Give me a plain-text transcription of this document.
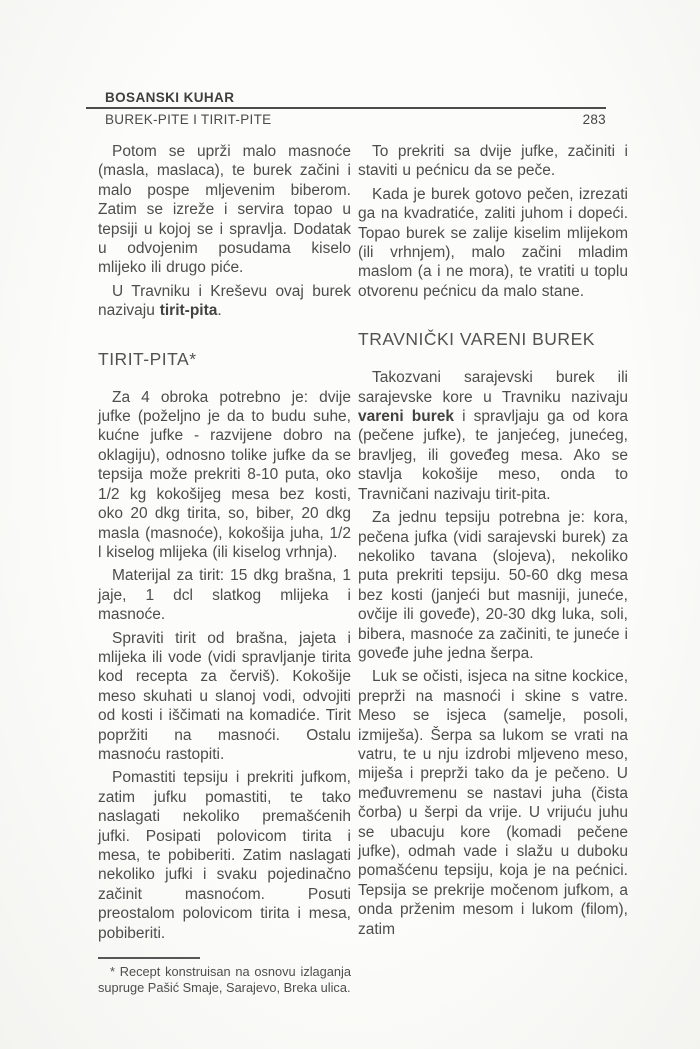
BOSANSKI KUHAR
BUREK-PITE I TIRIT-PITE	283

Potom se uprži malo masnoće (masla, maslaca), te burek začini i malo pospe mljevenim biberom. Zatim se izreže i servira topao u tepsiji u kojoj se i spravlja. Dodatak u odvojenim posudama kiselo mlijeko ili drugo piće.

U Travniku i Kreševu ovaj burek nazivaju tirit-pita.

TIRIT-PITA*

Za 4 obroka potrebno je: dvije jufke (poželjno je da to budu suhe, kućne jufke - razvijene dobro na oklagiju), odnosno tolike jufke da se tepsija može prekriti 8-10 puta, oko 1/2 kg kokošijeg mesa bez kosti, oko 20 dkg tirita, so, biber, 20 dkg masla (masnoće), kokošija juha, 1/2 l kiselog mlijeka (ili kiselog vrhnja).

Materijal za tirit: 15 dkg brašna, 1 jaje, 1 dcl slatkog mlijeka i masnoće.

Spraviti tirit od brašna, jajeta i mlijeka ili vode (vidi spravljanje tirita kod recepta za červiš). Kokošije meso skuhati u slanoj vodi, odvojiti od kosti i iščimati na komadiće. Tirit popržiti na masnoći. Ostalu masnoću rastopiti.

Pomastiti tepsiju i prekriti jufkom, zatim jufku pomastiti, te tako naslagati nekoliko premašćenih jufki. Posipati polovicom tirita i mesa, te pobiberiti. Zatim naslagati nekoliko jufki i svaku pojedinačno začinit masnoćom. Posuti preostalom polovicom tirita i mesa, pobiberiti.

* Recept konstruisan na osnovu izlaganja supruge Pašić Smaje, Sarajevo, Breka ulica.

To prekriti sa dvije jufke, začiniti i staviti u pećnicu da se peče.

Kada je burek gotovo pečen, izrezati ga na kvadratiće, zaliti juhom i dopeći. Topao burek se zalije kiselim mlijekom (ili vrhnjem), malo začini mladim maslom (a i ne mora), te vratiti u toplu otvorenu pećnicu da malo stane.

TRAVNIČKI VARENI BUREK

Takozvani sarajevski burek ili sarajevske kore u Travniku nazivaju vareni burek i spravljaju ga od kora (pečene jufke), te janjećeg, junećeg, bravljeg, ili goveđeg mesa. Ako se stavlja kokošije meso, onda to Travničani nazivaju tirit-pita.

Za jednu tepsiju potrebna je: kora, pečena jufka (vidi sarajevski burek) za nekoliko tavana (slojeva), nekoliko puta prekriti tepsiju. 50-60 dkg mesa bez kosti (janjeći but masniji, juneće, ovčije ili goveđe), 20-30 dkg luka, soli, bibera, masnoće za začiniti, te juneće i goveđe juhe jedna šerpa.

Luk se očisti, isjeca na sitne kockice, preprži na masnoći i skine s vatre. Meso se isjeca (samelje, posoli, izmiješa). Šerpa sa lukom se vrati na vatru, te u nju izdrobi mljeveno meso, miješa i preprži tako da je pečeno. U međuvremenu se nastavi juha (čista čorba) u šerpi da vrije. U vrijuću juhu se ubacuju kore (komadi pečene jufke), odmah vade i slažu u duboku pomašćenu tepsiju, koja je na pećnici. Tepsija se prekrije močenom jufkom, a onda prženim mesom i lukom (filom), zatim
